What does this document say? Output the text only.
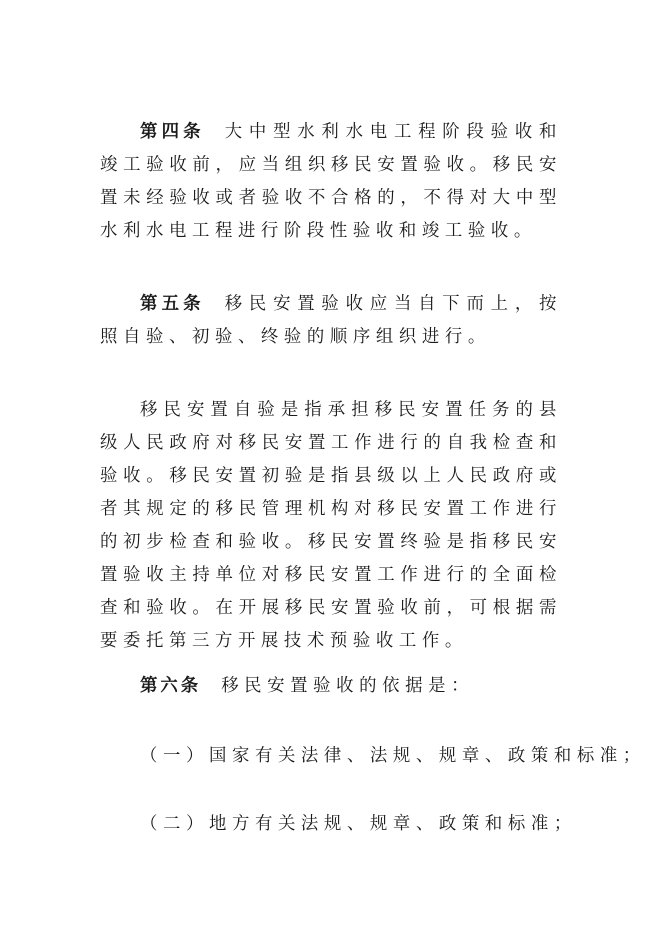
第四条 大中型水利水电工程阶段验收和竣工验收前，应当组织移民安置验收。移民安置未经验收或者验收不合格的，不得对大中型水利水电工程进行阶段性验收和竣工验收。
第五条 移民安置验收应当自下而上，按照自验、初验、终验的顺序组织进行。
移民安置自验是指承担移民安置任务的县级人民政府对移民安置工作进行的自我检查和验收。移民安置初验是指县级以上人民政府或者其规定的移民管理机构对移民安置工作进行的初步检查和验收。移民安置终验是指移民安置验收主持单位对移民安置工作进行的全面检查和验收。在开展移民安置验收前，可根据需要委托第三方开展技术预验收工作。
第六条 移民安置验收的依据是：
（一）国家有关法律、法规、规章、政策和标准；
（二）地方有关法规、规章、政策和标准；
